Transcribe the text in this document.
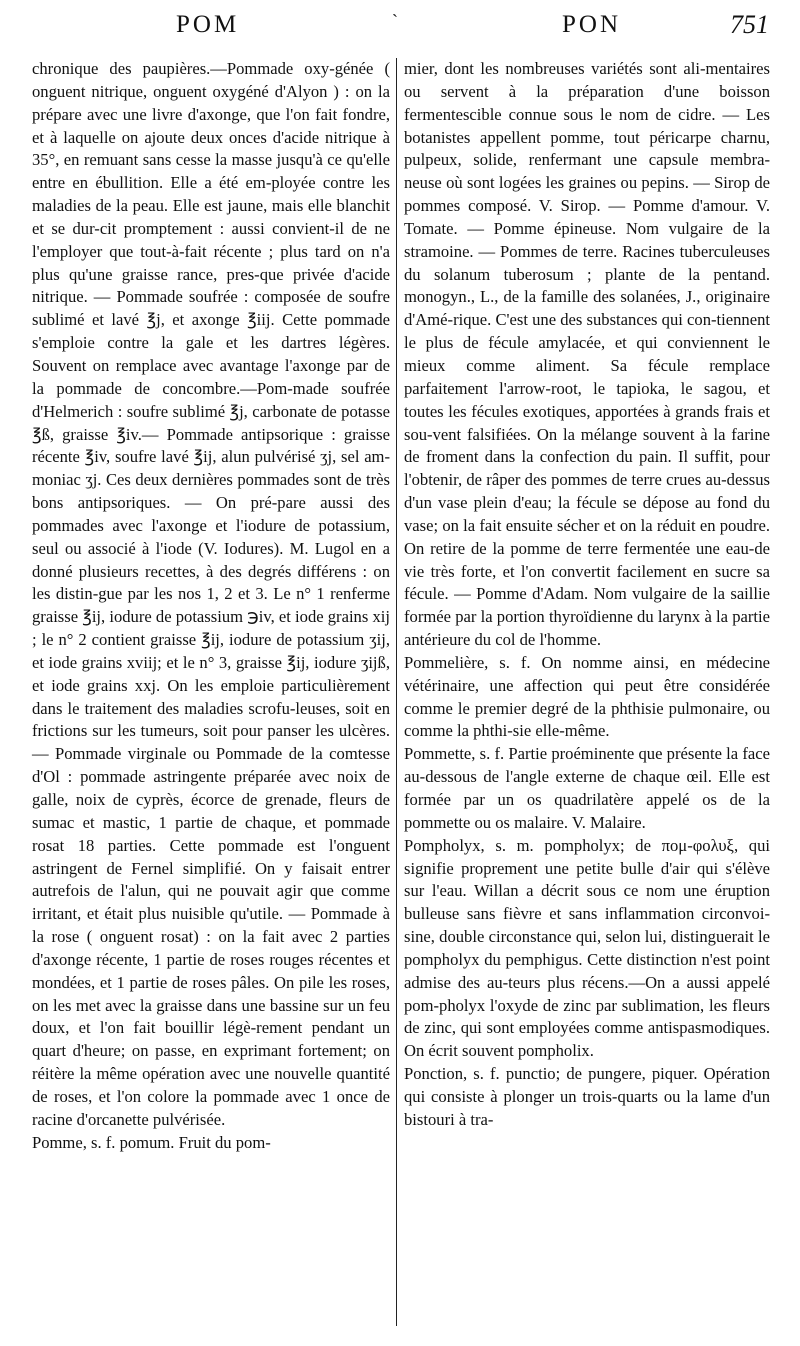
POM	ˋ	PON	751

chronique des paupières.—Pommade oxy-génée ( onguent nitrique, onguent oxygéné d'Alyon ) : on la prépare avec une livre d'axonge, que l'on fait fondre, et à laquelle on ajoute deux onces d'acide nitrique à 35°, en remuant sans cesse la masse jusqu'à ce qu'elle entre en ébullition. Elle a été em-ployée contre les maladies de la peau. Elle est jaune, mais elle blanchit et se dur-cit promptement : aussi convient-il de ne l'employer que tout-à-fait récente ; plus tard on n'a plus qu'une graisse rance, pres-que privée d'acide nitrique. — Pommade soufrée : composée de soufre sublimé et lavé ℥j, et axonge ℥iij. Cette pommade s'emploie contre la gale et les dartres légères. Souvent on remplace avec avantage l'axonge par de la pommade de concombre.—Pom-made soufrée d'Helmerich : soufre sublimé ℥j, carbonate de potasse ℥ß, graisse ℥iv.— Pommade antipsorique : graisse récente ℥iv, soufre lavé ℥ij, alun pulvérisé ʒj, sel am-moniac ʒj. Ces deux dernières pommades sont de très bons antipsoriques. — On pré-pare aussi des pommades avec l'axonge et l'iodure de potassium, seul ou associé à l'iode (V. Iodures). M. Lugol en a donné plusieurs recettes, à des degrés différens : on les distin-gue par les nos 1, 2 et 3. Le n° 1 renferme graisse ℥ij, iodure de potassium ℈iv, et iode grains xij ; le n° 2 contient graisse ℥ij, iodure de potassium ʒij, et iode grains xviij; et le n° 3, graisse ℥ij, iodure ʒijß, et iode grains xxj. On les emploie particulièrement dans le traitement des maladies scrofu-leuses, soit en frictions sur les tumeurs, soit pour panser les ulcères. — Pommade virginale ou Pommade de la comtesse d'Ol : pommade astringente préparée avec noix de galle, noix de cyprès, écorce de grenade, fleurs de sumac et mastic, 1 partie de chaque, et pommade rosat 18 parties. Cette pommade est l'onguent astringent de Fernel simplifié. On y faisait entrer autrefois de l'alun, qui ne pouvait agir que comme irritant, et était plus nuisible qu'utile. — Pommade à la rose ( onguent rosat) : on la fait avec 2 parties d'axonge récente, 1 partie de roses rouges récentes et mondées, et 1 partie de roses pâles. On pile les roses, on les met avec la graisse dans une bassine sur un feu doux, et l'on fait bouillir légè-rement pendant un quart d'heure; on passe, en exprimant fortement; on réitère la même opération avec une nouvelle quantité de roses, et l'on colore la pommade avec 1 once de racine d'orcanette pulvérisée.

Pomme, s. f. pomum. Fruit du pom-

mier, dont les nombreuses variétés sont ali-mentaires ou servent à la préparation d'une boisson fermentescible connue sous le nom de cidre. — Les botanistes appellent pomme, tout péricarpe charnu, pulpeux, solide, renfermant une capsule membra-neuse où sont logées les graines ou pepins. — Sirop de pommes composé. V. Sirop. — Pomme d'amour. V. Tomate. — Pomme épineuse. Nom vulgaire de la stramoine. — Pommes de terre. Racines tuberculeuses du solanum tuberosum ; plante de la pentand. monogyn., L., de la famille des solanées, J., originaire d'Amé-rique. C'est une des substances qui con-tiennent le plus de fécule amylacée, et qui conviennent le mieux comme aliment. Sa fécule remplace parfaitement l'arrow-root, le tapioka, le sagou, et toutes les fécules exotiques, apportées à grands frais et sou-vent falsifiées. On la mélange souvent à la farine de froment dans la confection du pain. Il suffit, pour l'obtenir, de râper des pommes de terre crues au-dessus d'un vase plein d'eau; la fécule se dépose au fond du vase; on la fait ensuite sécher et on la réduit en poudre. On retire de la pomme de terre fermentée une eau-de vie très forte, et l'on convertit facilement en sucre sa fécule. — Pomme d'Adam. Nom vulgaire de la saillie formée par la portion thyroïdienne du larynx à la partie antérieure du col de l'homme.

Pommelière, s. f. On nomme ainsi, en médecine vétérinaire, une affection qui peut être considérée comme le premier degré de la phthisie pulmonaire, ou comme la phthi-sie elle-même.

Pommette, s. f. Partie proéminente que présente la face au-dessous de l'angle externe de chaque œil. Elle est formée par un os quadrilatère appelé os de la pommette ou os malaire. V. Malaire.

Pompholyx, s. m. pompholyx; de πομ-φολυξ, qui signifie proprement une petite bulle d'air qui s'élève sur l'eau. Willan a décrit sous ce nom une éruption bulleuse sans fièvre et sans inflammation circonvoi-sine, double circonstance qui, selon lui, distinguerait le pompholyx du pemphigus. Cette distinction n'est point admise des au-teurs plus récens.—On a aussi appelé pom-pholyx l'oxyde de zinc par sublimation, les fleurs de zinc, qui sont employées comme antispasmodiques. On écrit souvent pompholix.

Ponction, s. f. punctio; de pungere, piquer. Opération qui consiste à plonger un trois-quarts ou la lame d'un bistouri à tra-
